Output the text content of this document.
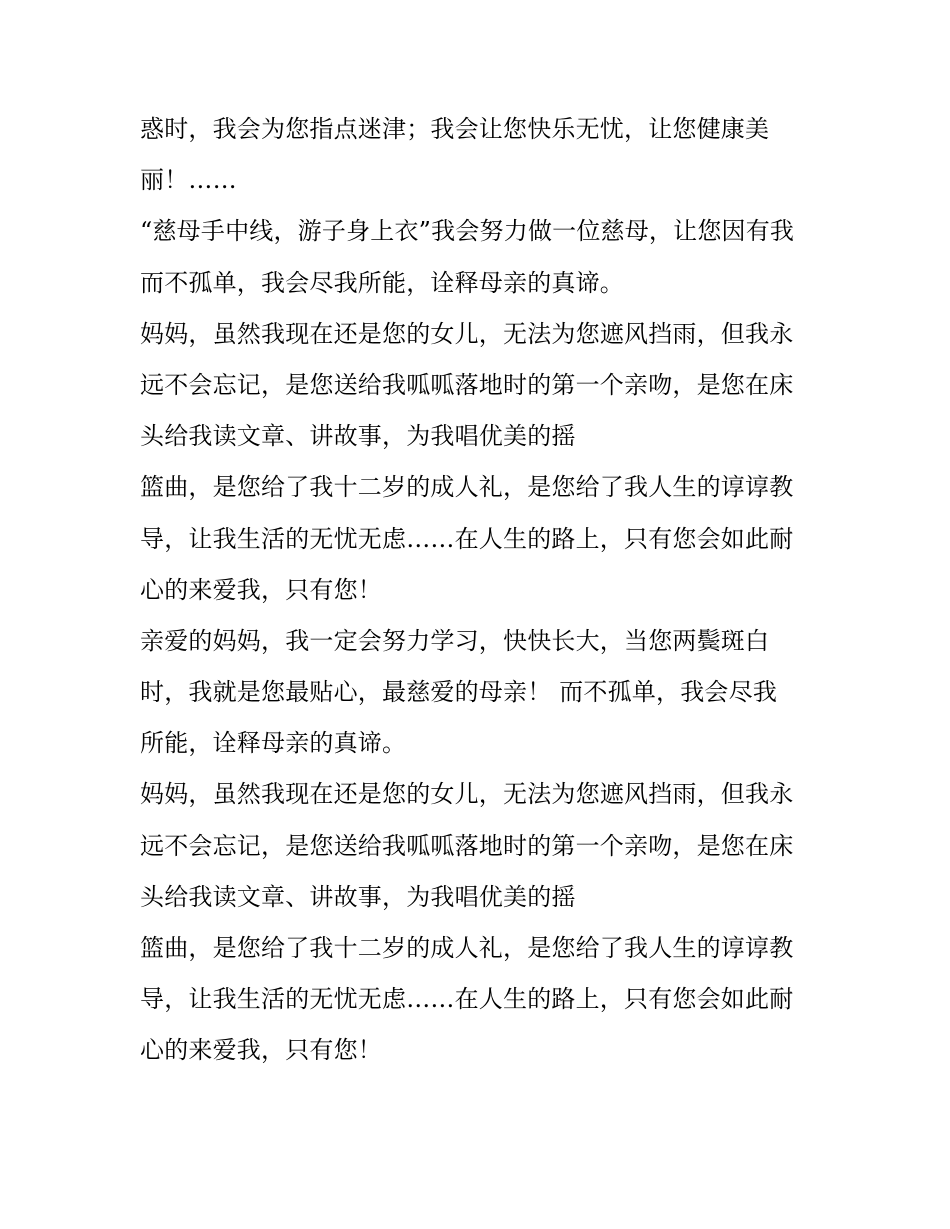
惑时，我会为您指点迷津；我会让您快乐无忧，让您健康美
丽！……
“慈母手中线，游子身上衣”我会努力做一位慈母，让您因有我
而不孤单，我会尽我所能，诠释母亲的真谛。
妈妈，虽然我现在还是您的女儿，无法为您遮风挡雨，但我永
远不会忘记，是您送给我呱呱落地时的第一个亲吻，是您在床
头给我读文章、讲故事，为我唱优美的摇
篮曲，是您给了我十二岁的成人礼，是您给了我人生的谆谆教
导，让我生活的无忧无虑……在人生的路上，只有您会如此耐
心的来爱我，只有您！
亲爱的妈妈，我一定会努力学习，快快长大，当您两鬓斑白
时，我就是您最贴心，最慈爱的母亲！ 而不孤单，我会尽我
所能，诠释母亲的真谛。
妈妈，虽然我现在还是您的女儿，无法为您遮风挡雨，但我永
远不会忘记，是您送给我呱呱落地时的第一个亲吻，是您在床
头给我读文章、讲故事，为我唱优美的摇
篮曲，是您给了我十二岁的成人礼，是您给了我人生的谆谆教
导，让我生活的无忧无虑……在人生的路上，只有您会如此耐
心的来爱我，只有您！
